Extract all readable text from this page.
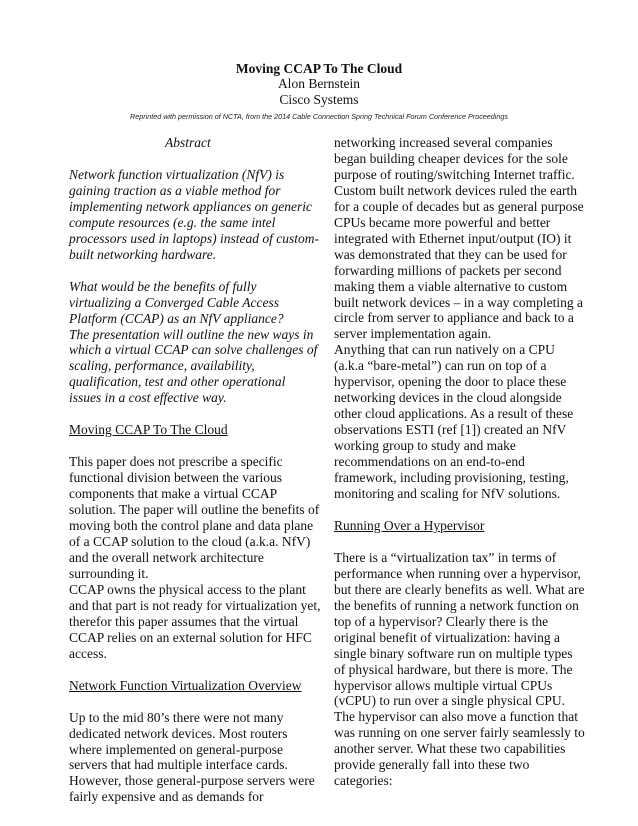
Moving CCAP To The Cloud
Alon Bernstein
Cisco Systems
Reprinted with permission of NCTA, from the 2014 Cable Connection Spring Technical Forum Conference Proceedings
Abstract
Network function virtualization (NfV) is
gaining traction as a viable method for
implementing network appliances on generic
compute resources (e.g. the same intel
processors used in laptops) instead of custom-
built networking hardware.
What would be the benefits of fully
virtualizing a Converged Cable Access
Platform (CCAP) as an NfV appliance?
The presentation will outline the new ways in
which a virtual CCAP can solve challenges of
scaling, performance, availability,
qualification, test and other operational
issues in a cost effective way.
Moving CCAP To The Cloud
This paper does not prescribe a specific
functional division between the various
components that make a virtual CCAP
solution. The paper will outline the benefits of
moving both the control plane and data plane
of a CCAP solution to the cloud (a.k.a. NfV)
and the overall network architecture
surrounding it.
CCAP owns the physical access to the plant
and that part is not ready for virtualization yet,
therefor this paper assumes that the virtual
CCAP relies on an external solution for HFC
access.
Network Function Virtualization Overview
Up to the mid 80’s there were not many
dedicated network devices. Most routers
where implemented on general-purpose
servers that had multiple interface cards.
However, those general-purpose servers were
fairly expensive and as demands for
networking increased several companies
began building cheaper devices for the sole
purpose of routing/switching Internet traffic.
Custom built network devices ruled the earth
for a couple of decades but as general purpose
CPUs became more powerful and better
integrated with Ethernet input/output (IO) it
was demonstrated that they can be used for
forwarding millions of packets per second
making them a viable alternative to custom
built network devices – in a way completing a
circle from server to appliance and back to a
server implementation again.
Anything that can run natively on a CPU
(a.k.a “bare-metal”) can run on top of a
hypervisor, opening the door to place these
networking devices in the cloud alongside
other cloud applications. As a result of these
observations ESTI (ref [1]) created an NfV
working group to study and make
recommendations on an end-to-end
framework, including provisioning, testing,
monitoring and scaling for NfV solutions.
Running Over a Hypervisor
There is a “virtualization tax” in terms of
performance when running over a hypervisor,
but there are clearly benefits as well. What are
the benefits of running a network function on
top of a hypervisor? Clearly there is the
original benefit of virtualization: having a
single binary software run on multiple types
of physical hardware, but there is more. The
hypervisor allows multiple virtual CPUs
(vCPU) to run over a single physical CPU.
The hypervisor can also move a function that
was running on one server fairly seamlessly to
another server. What these two capabilities
provide generally fall into these two
categories:
